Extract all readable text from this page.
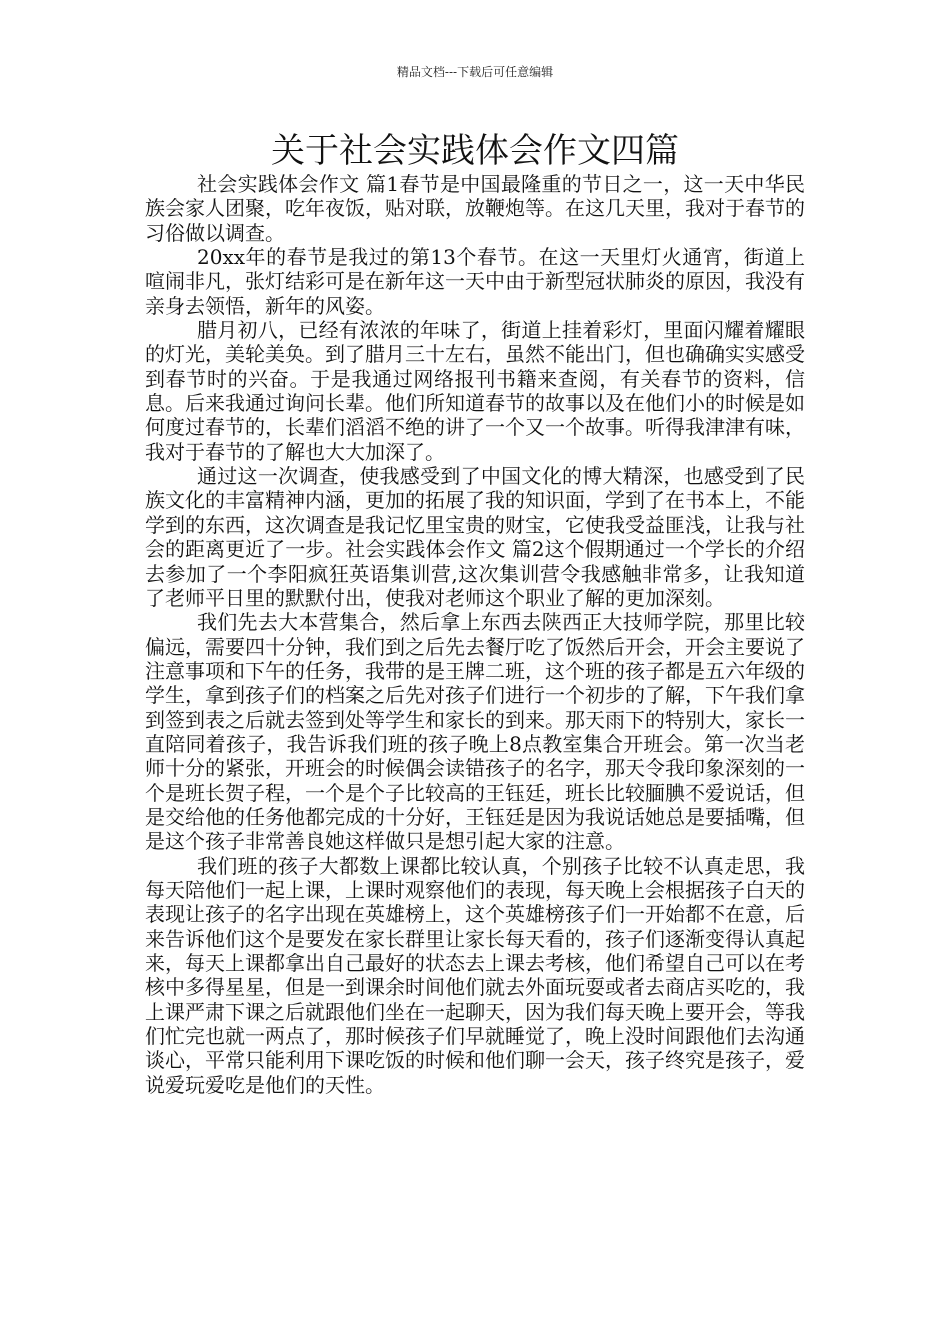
精品文档---下载后可任意编辑
关于社会实践体会作文四篇

社会实践体会作文 篇1春节是中国最隆重的节日之一，这一天中华民族会家人团聚，吃年夜饭，贴对联，放鞭炮等。在这几天里，我对于春节的习俗做以调查。

20xx年的春节是我过的第13个春节。在这一天里灯火通宵，街道上喧闹非凡，张灯结彩可是在新年这一天中由于新型冠状肺炎的原因，我没有亲身去领悟，新年的风姿。

腊月初八，已经有浓浓的年味了，街道上挂着彩灯，里面闪耀着耀眼的灯光，美轮美奂。到了腊月三十左右，虽然不能出门，但也确确实实感受到春节时的兴奋。于是我通过网络报刊书籍来查阅，有关春节的资料，信息。后来我通过询问长辈。他们所知道春节的故事以及在他们小的时候是如何度过春节的，长辈们滔滔不绝的讲了一个又一个故事。听得我津津有味，我对于春节的了解也大大加深了。

通过这一次调查，使我感受到了中国文化的博大精深，也感受到了民族文化的丰富精神内涵，更加的拓展了我的知识面，学到了在书本上，不能学到的东西，这次调查是我记忆里宝贵的财宝，它使我受益匪浅，让我与社会的距离更近了一步。社会实践体会作文 篇2这个假期通过一个学长的介绍去参加了一个李阳疯狂英语集训营,这次集训营令我感触非常多，让我知道了老师平日里的默默付出，使我对老师这个职业了解的更加深刻。

我们先去大本营集合，然后拿上东西去陕西正大技师学院，那里比较偏远，需要四十分钟，我们到之后先去餐厅吃了饭然后开会，开会主要说了注意事项和下午的任务，我带的是王牌二班，这个班的孩子都是五六年级的学生，拿到孩子们的档案之后先对孩子们进行一个初步的了解，下午我们拿到签到表之后就去签到处等学生和家长的到来。那天雨下的特别大，家长一直陪同着孩子，我告诉我们班的孩子晚上8点教室集合开班会。第一次当老师十分的紧张，开班会的时候偶会读错孩子的名字，那天令我印象深刻的一个是班长贺子程，一个是个子比较高的王钰廷，班长比较腼腆不爱说话，但是交给他的任务他都完成的十分好，王钰廷是因为我说话她总是要插嘴，但是这个孩子非常善良她这样做只是想引起大家的注意。

我们班的孩子大都数上课都比较认真，个别孩子比较不认真走思，我每天陪他们一起上课，上课时观察他们的表现，每天晚上会根据孩子白天的表现让孩子的名字出现在英雄榜上，这个英雄榜孩子们一开始都不在意，后来告诉他们这个是要发在家长群里让家长每天看的，孩子们逐渐变得认真起来，每天上课都拿出自己最好的状态去上课去考核，他们希望自己可以在考核中多得星星，但是一到课余时间他们就去外面玩耍或者去商店买吃的，我上课严肃下课之后就跟他们坐在一起聊天，因为我们每天晚上要开会，等我们忙完也就一两点了，那时候孩子们早就睡觉了，晚上没时间跟他们去沟通谈心，平常只能利用下课吃饭的时候和他们聊一会天，孩子终究是孩子，爱说爱玩爱吃是他们的天性。
